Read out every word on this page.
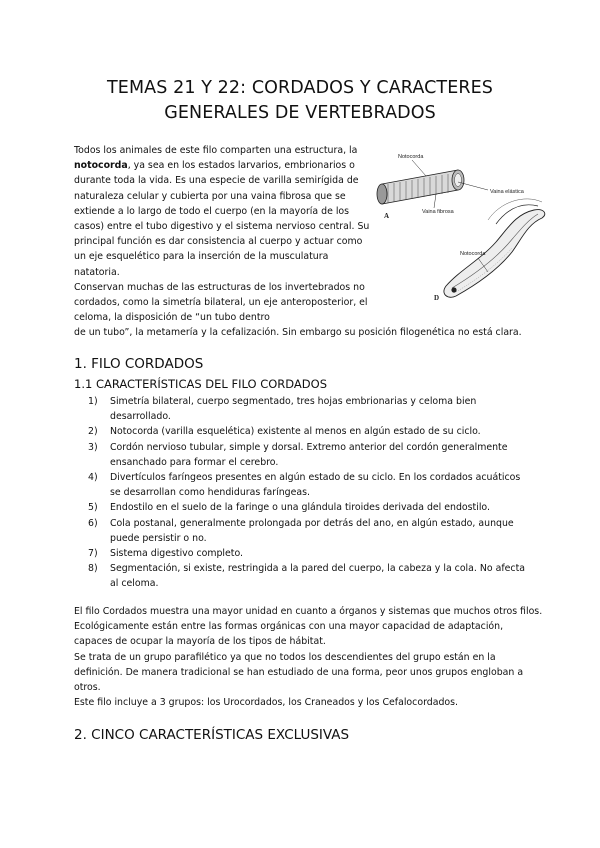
TEMAS 21 Y 22: CORDADOS Y CARACTERES
GENERALES DE VERTEBRADOS

Todos los animales de este filo comparten una estructura, la notocorda, ya sea en los estados larvarios, embrionarios o durante toda la vida. Es una especie de varilla semirígida de naturaleza celular y cubierta por una vaina fibrosa que se extiende a lo largo de todo el cuerpo (en la mayoría de los casos) entre el tubo digestivo y el sistema nervioso central. Su principal función es dar consistencia al cuerpo y actuar como un eje esquelético para la inserción de la musculatura natatoria.

Conservan muchas de las estructuras de los invertebrados no cordados, como la simetría bilateral, un eje anteroposterior, el celoma, la disposición de “un tubo dentro

de un tubo”, la metamería y la cefalización. Sin embargo su posición filogenética no está clara.

Notocorda
Vaina elástica
Vaina fibrosa
A
Notocorda
D
1. FILO CORDADOS
1.1 CARACTERÍSTICAS DEL FILO CORDADOS
1) Simetría bilateral, cuerpo segmentado, tres hojas embrionarias y celoma bien desarrollado.
2) Notocorda (varilla esquelética) existente al menos en algún estado de su ciclo.
3) Cordón nervioso tubular, simple y dorsal. Extremo anterior del cordón generalmente ensanchado para formar el cerebro.
4) Divertículos faríngeos presentes en algún estado de su ciclo. En los cordados acuáticos se desarrollan como hendiduras faríngeas.
5) Endostilo en el suelo de la faringe o una glándula tiroides derivada del endostilo.
6) Cola postanal, generalmente prolongada por detrás del ano, en algún estado, aunque puede persistir o no.
7) Sistema digestivo completo.
8) Segmentación, si existe, restringida a la pared del cuerpo, la cabeza y la cola. No afecta al celoma.

El filo Cordados muestra una mayor unidad en cuanto a órganos y sistemas que muchos otros filos. Ecológicamente están entre las formas orgánicas con una mayor capacidad de adaptación, capaces de ocupar la mayoría de los tipos de hábitat.

Se trata de un grupo parafilético ya que no todos los descendientes del grupo están en la definición. De manera tradicional se han estudiado de una forma, peor unos grupos engloban a otros.

Este filo incluye a 3 grupos: los Urocordados, los Craneados y los Cefalocordados.

2. CINCO CARACTERÍSTICAS EXCLUSIVAS
